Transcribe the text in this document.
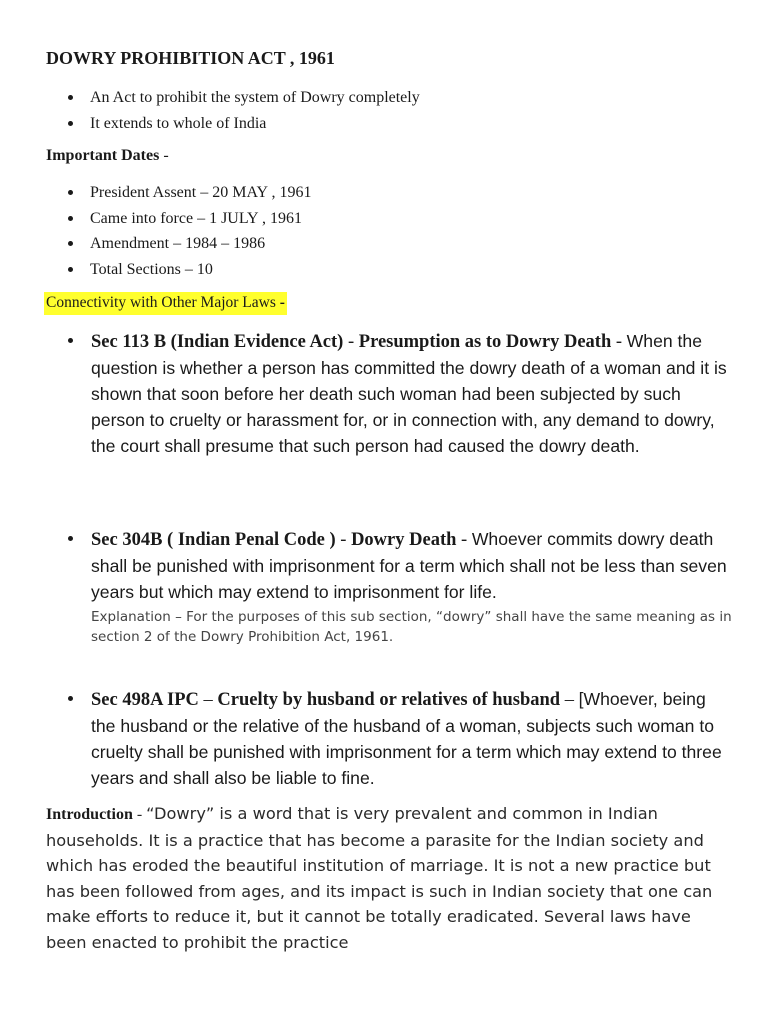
DOWRY PROHIBITION ACT , 1961
An Act to prohibit the system of Dowry completely
It extends to whole of India
Important Dates -
President Assent – 20 MAY , 1961
Came into force – 1 JULY , 1961
Amendment – 1984 – 1986
Total Sections – 10
Connectivity with Other Major Laws -
Sec 113 B (Indian Evidence Act) - Presumption as to Dowry Death - When the question is whether a person has committed the dowry death of a woman and it is shown that soon before her death such woman had been subjected by such person to cruelty or harassment for, or in connection with, any demand to dowry, the court shall presume that such person had caused the dowry death.
Sec 304B ( Indian Penal Code ) - Dowry Death - Whoever commits dowry death shall be punished with imprisonment for a term which shall not be less than seven years but which may extend to imprisonment for life.
Explanation – For the purposes of this sub section, “dowry” shall have the same meaning as in section 2 of the Dowry Prohibition Act, 1961.
Sec 498A IPC – Cruelty by husband or relatives of husband – [Whoever, being the husband or the relative of the husband of a woman, subjects such woman to cruelty shall be punished with imprisonment for a term which may extend to three years and shall also be liable to fine.
Introduction - “Dowry” is a word that is very prevalent and common in Indian households. It is a practice that has become a parasite for the Indian society and which has eroded the beautiful institution of marriage. It is not a new practice but has been followed from ages, and its impact is such in Indian society that one can make efforts to reduce it, but it cannot be totally eradicated. Several laws have been enacted to prohibit the practice
